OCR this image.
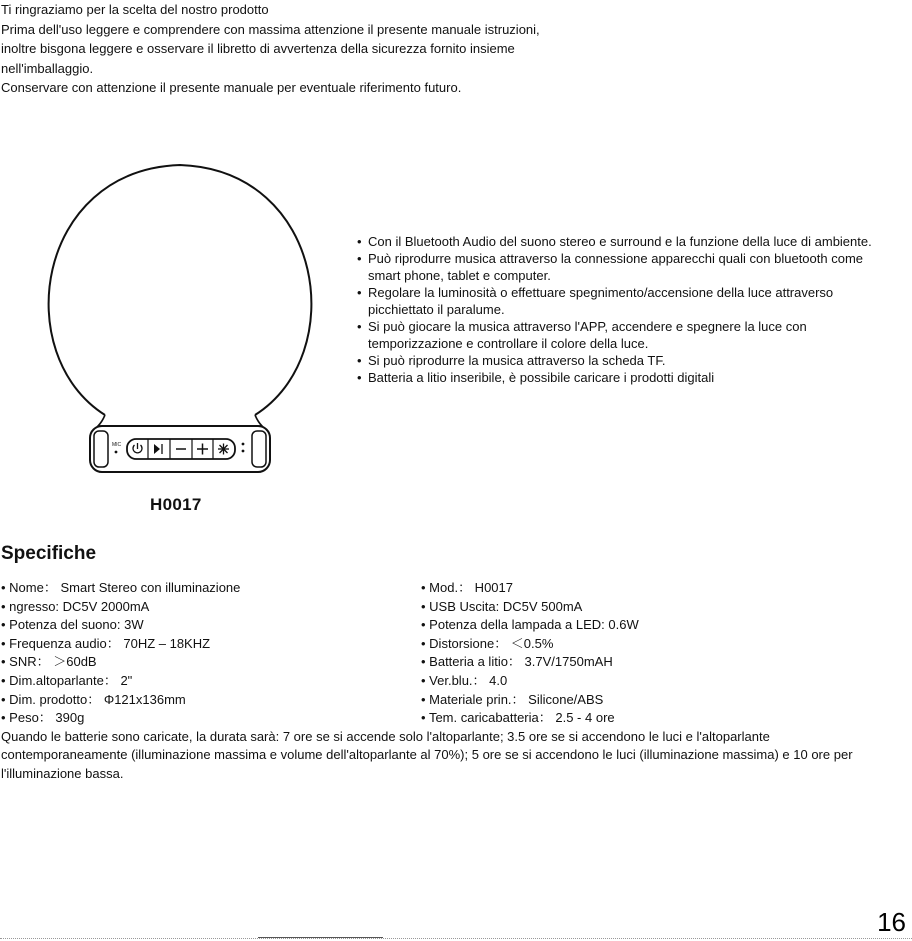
Ti ringraziamo per la scelta del nostro prodotto

Prima dell'uso leggere e comprendere con massima attenzione il presente manuale istruzioni,

inoltre bisgona leggere e osservare il libretto di avvertenza della sicurezza fornito insieme

nell'imballaggio.

Conservare con attenzione il presente manuale per eventuale riferimento futuro.

MIC
H0017
• Con il Bluetooth Audio del suono stereo e surround e la funzione della luce di ambiente.
• Può riprodurre musica attraverso la connessione apparecchi quali con bluetooth come smart phone, tablet e computer.
• Regolare la luminosità o effettuare spegnimento/accensione della luce attraverso picchiettato il paralume.
• Si può giocare la musica attraverso l'APP, accendere e spegnere la luce con temporizzazione e controllare il colore della luce.
• Si può riprodurre la musica attraverso la scheda TF.
• Batteria a litio inseribile, è possibile caricare i prodotti digitali
Specifiche
• Nome： Smart Stereo con illuminazione	• Mod.： H0017
• ngresso: DC5V 2000mA	• USB Uscita: DC5V 500mA
• Potenza del suono: 3W	• Potenza della lampada a LED: 0.6W
• Frequenza audio： 70HZ – 18KHZ	• Distorsione： ＜0.5%
• SNR： ＞60dB	• Batteria a litio： 3.7V/1750mAH
• Dim.altoparlante： 2"	• Ver.blu.： 4.0
• Dim. prodotto： Φ121x136mm	• Materiale prin.： Silicone/ABS
• Peso： 390g	• Tem. caricabatteria： 2.5 - 4 ore

Quando le batterie sono caricate, la durata sarà: 7 ore se si accende solo l'altoparlante; 3.5 ore se si accendono le luci e l'altoparlante contemporaneamente (illuminazione massima e volume dell'altoparlante al 70%); 5 ore se si accendono le luci (illuminazione massima) e 10 ore per l'illuminazione bassa.

16
